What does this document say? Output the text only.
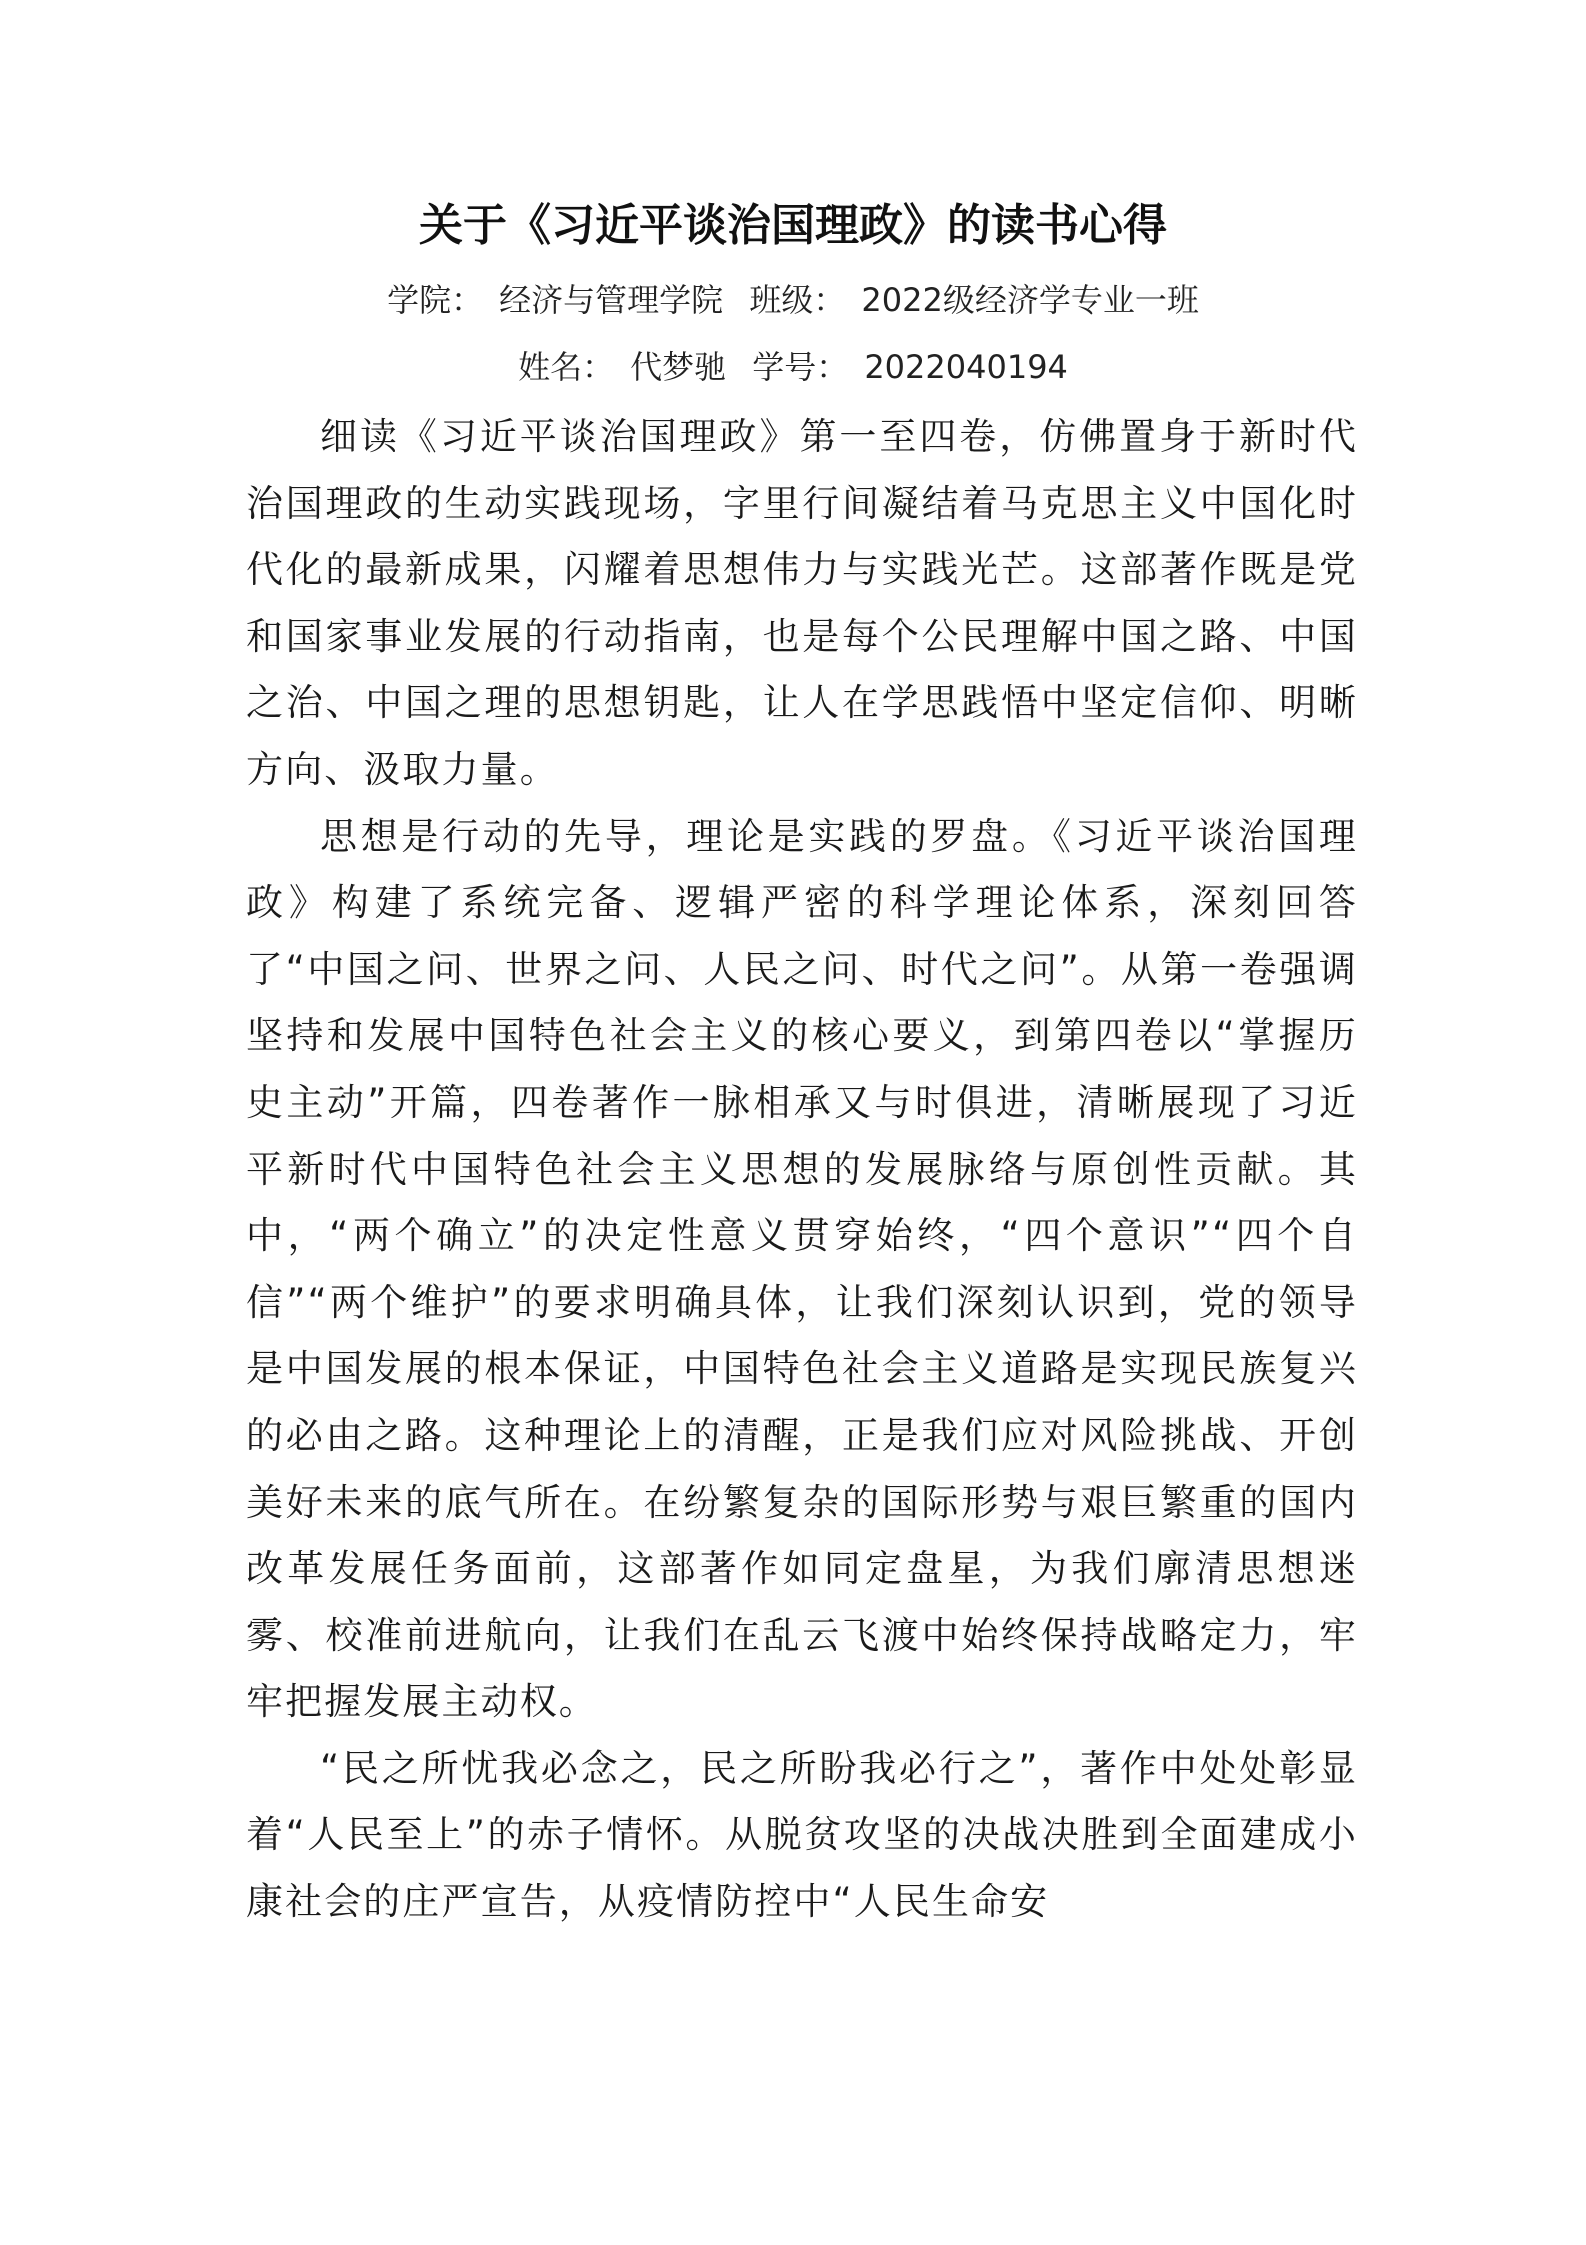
关于《习近平谈治国理政》的读书心得
学院： 经济与管理学院 班级： 2022级经济学专业一班
姓名： 代梦驰 学号： 2022040194

细读《习近平谈治国理政》第一至四卷，仿佛置身于新时代治国理政的生动实践现场，字里行间凝结着马克思主义中国化时代化的最新成果，闪耀着思想伟力与实践光芒。这部著作既是党和国家事业发展的行动指南，也是每个公民理解中国之路、中国之治、中国之理的思想钥匙，让人在学思践悟中坚定信仰、明晰方向、汲取力量。

思想是行动的先导，理论是实践的罗盘。《习近平谈治国理政》构建了系统完备、逻辑严密的科学理论体系，深刻回答了“中国之问、世界之问、人民之问、时代之问”。从第一卷强调坚持和发展中国特色社会主义的核心要义，到第四卷以“掌握历史主动”开篇，四卷著作一脉相承又与时俱进，清晰展现了习近平新时代中国特色社会主义思想的发展脉络与原创性贡献。其中，“两个确立”的决定性意义贯穿始终，“四个意识”“四个自信”“两个维护”的要求明确具体，让我们深刻认识到，党的领导是中国发展的根本保证，中国特色社会主义道路是实现民族复兴的必由之路。这种理论上的清醒，正是我们应对风险挑战、开创美好未来的底气所在。在纷繁复杂的国际形势与艰巨繁重的国内改革发展任务面前，这部著作如同定盘星，为我们廓清思想迷雾、校准前进航向，让我们在乱云飞渡中始终保持战略定力，牢牢把握发展主动权。

“民之所忧我必念之，民之所盼我必行之”，著作中处处彰显着“人民至上”的赤子情怀。从脱贫攻坚的决战决胜到全面建成小康社会的庄严宣告，从疫情防控中“人民生命安
